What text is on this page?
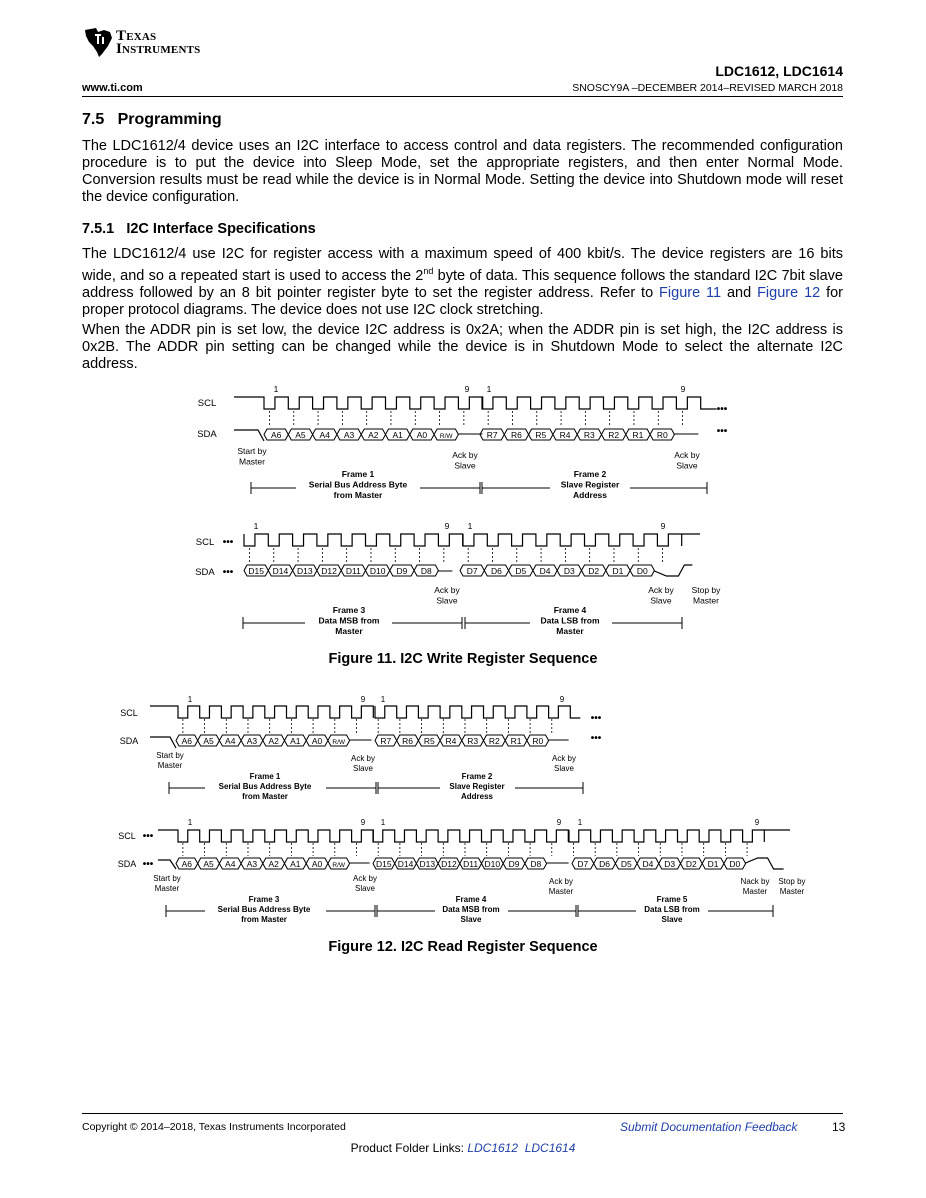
Texas
Instruments
LDC1612, LDC1614
www.ti.com	SNOSCY9A –DECEMBER 2014–REVISED MARCH 2018
7.5   Programming
The LDC1612/4 device uses an I2C interface to access control and data registers. The recommended configuration procedure is to put the device into Sleep Mode, set the appropriate registers, and then enter Normal Mode. Conversion results must be read while the device is in Normal Mode. Setting the device into Shutdown mode will reset the device configuration.
7.5.1   I2C Interface Specifications
The LDC1612/4 use I2C for register access with a maximum speed of 400 kbit/s. The device registers are 16 bits wide, and so a repeated start is used to access the 2nd byte of data. This sequence follows the standard I2C 7bit slave address followed by an 8 bit pointer register byte to set the register address. Refer to Figure 11 and Figure 12 for proper protocol diagrams. The device does not use I2C clock stretching.
When the ADDR pin is set low, the device I2C address is 0x2A; when the ADDR pin is set high, the I2C address is 0x2B. The ADDR pin setting can be changed while the device is in Shutdown Mode to select the alternate I2C address.
SCL
SDA
1	9 1	9
A6 A5 A4 A3 A2 A1 A0 R/W	R7 R6 R5 R4 R3 R2 R1 R0
•••
•••
Start by
Master
Ack by
Slave
Ack by
Slave
Frame 1
Serial Bus Address Byte
from Master
Frame 2
Slave Register
Address
SCL
SDA
•••
•••
1	9 1	9
D15 D14 D13 D12 D11 D10 D9 D8	D7 D6 D5 D4 D3 D2 D1 D0
Ack by
Slave
Ack by
Slave
Stop by
Master
Frame 3
Data MSB from
Master
Frame 4
Data LSB from
Master
Figure 11. I2C Write Register Sequence
SCL
SDA
1	9 1	9
A6 A5 A4 A3 A2 A1 A0 R/W	R7 R6 R5 R4 R3 R2 R1 R0
•••
•••
Start by
Master
Ack by
Slave
Ack by
Slave
Frame 1
Serial Bus Address Byte
from Master
Frame 2
Slave Register
Address
SCL
SDA
•••
•••
1	9 1	9 1	9
A6 A5 A4 A3 A2 A1 A0 R/W	D15 D14 D13 D12 D11 D10 D9 D8	D7 D6 D5 D4 D3 D2 D1 D0
Start by
Master
Ack by
Slave
Ack by
Master
Nack by
Master
Stop by
Master
Frame 3
Serial Bus Address Byte
from Master
Frame 4
Data MSB from
Slave
Frame 5
Data LSB from
Slave
Figure 12. I2C Read Register Sequence
Copyright © 2014–2018, Texas Instruments Incorporated	Submit Documentation Feedback	13
Product Folder Links: LDC1612 LDC1614
